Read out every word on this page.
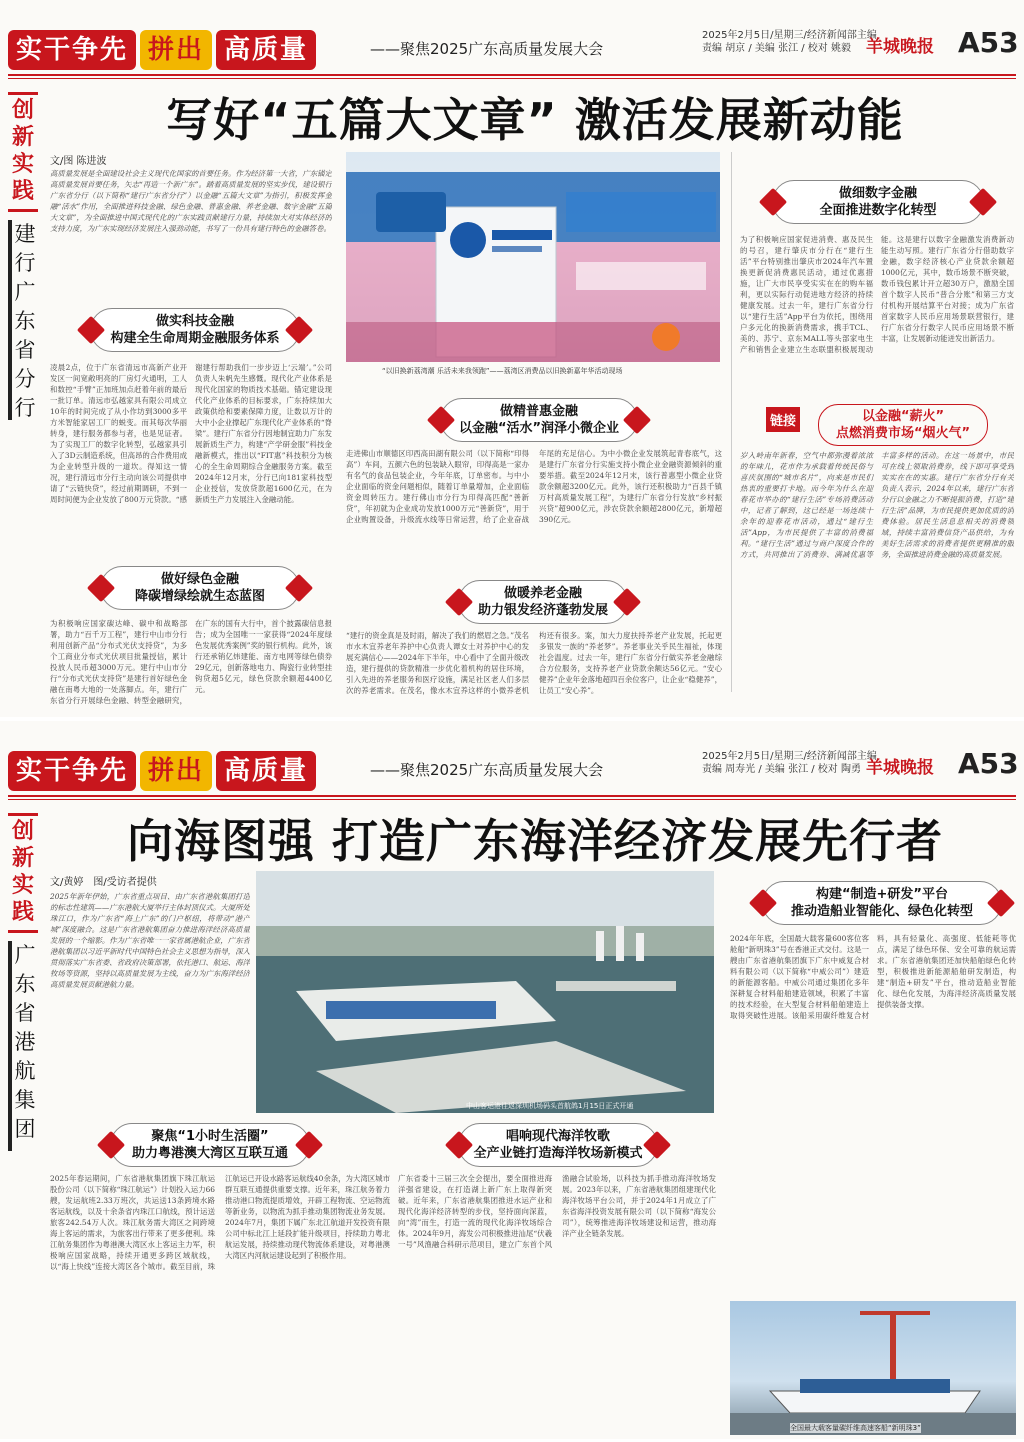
实干争先 拼出 高质量	——聚焦2025广东高质量发展大会
2025年2月5日/星期三/经济新闻部主编
责编 胡京 / 美编 张江 / 校对 姚毅 羊城晚报 A53
创新实践
建行广东省分行
写好“五篇大文章” 激活发展新动能
文/图 陈进波
高质量发展是全面建设社会主义现代化国家的首要任务。作为经济第一大省，广东锚定高质量发展首要任务，矢志“再造一个新广东”。踏着高质量发展的坚实步伐，建设银行广东省分行（以下简称“建行广东省分行”）以金融“五篇大文章”为指引，积极发挥金融“活水”作用，全面推进科技金融、绿色金融、普惠金融、养老金融、数字金融“五篇大文章”，为全面推进中国式现代化的广东实践贡献建行力量，持续加大对实体经济的支持力度，为广东实现经济发展注入强劲动能，书写了一份具有建行特色的金融答卷。
“以旧换新荔湾潮 乐活未来我领跑”——荔湾区消费品以旧换新嘉年华活动现场
做细数字金融
全面推进数字化转型
为了积极响应国家促进消费、惠及民生的号召，建行肇庆市分行在“建行生活”平台特别推出肇庆市2024年汽车置换更新促消费惠民活动，通过优惠措施，让广大市民享受实实在在的购车福利，更以实际行动促进地方经济的持续健康发展。过去一年，建行广东省分行以“建行生活”App平台为依托，围绕用户多元化的换新消费需求，携手TCL、美的、苏宁、京东MALL等头部家电生产和销售企业建立生态联盟积极展现动能。这是建行以数字金融激发消费新动能生动写照。建行广东省分行借助数字金融，数字经济核心产业贷款余额超1000亿元，其中，数币场景不断突破，数币钱包累计开立超30万户，激励全国首个数字人民币“普合分账”和第三方支付机构开展结算平台对接；成为广东省首家数字人民币应用场景联营银行，建行广东省分行数字人民币应用场景不断丰富，让发展新动能迸发出新活力。
做实科技金融
构建全生命周期金融服务体系
凌晨2点，位于广东省清远市高新产业开发区一间宽敞明亮的厂房灯火通明，工人和数控“手臂”正加班加点赶着年前的最后一批订单。清远市弘越家具有限公司成立10年的时间完成了从小作坊到3000多平方米智能家居工厂的蜕变。而其每次华丽转身，建行服务都参与者，也是见证者。为了实现工厂的数字化转型，弘越家具引入了3D云制造系统，但高昂的合作费用成为企业转型升级的一道坎。得知这一情况，建行清远市分行主动向该公司提供申请了“云链快贷”，经过前期调研，不到一周时间便为企业发放了800万元贷款。“感谢建行帮助我们一步步迈上‘云端’。”公司负责人朱帆先生感慨。现代化产业体系是现代化国家的物质技术基础。锚定建设现代化产业体系的目标要求，广东持续加大政策供给和要素保障力度，让数以万计的大中小企业撑起广东现代化产业体系的“脊梁”。建行广东省分行因地制宜助力广东发展新质生产力，构建“产学研金服”科技金融新模式，推出以“FIT惠”科技积分为核心的全生命周期综合金融服务方案。截至2024年12月末，分行已向181家科技型企业授信，发放贷款超1600亿元，在为新质生产力发展注入金融动能。
做精普惠金融
以金融“活水”润泽小微企业
走进佛山市顺德区印西高田湖有限公司（以下简称“印得高”）车间，五颜六色的包装缺入眼帘，印得高是一家办有名气的食品包装企业，今年年底，订单密布。与中小企业面临的资金问题相似，随着订单量增加，企业面临资金周转压力。建行佛山市分行为印得高匹配“善新贷”，年初就为企业成功发放1000万元“善新贷”，用于企业购置设备，升级流水线等日常运营，给了企业奋战年尾的充足信心。为中小微企业发展筑起青春底气，这是建行广东省分行实施支持小微企业金融资源倾斜的重要举措。截至2024年12月末，该行普惠型小微企业贷款余额超3200亿元。此外，该行还积极助力“百县千镇万村高质量发展工程”，为建行广东省分行发放“乡村振兴贷”超900亿元，涉农贷款余额超2800亿元，新增超390亿元。
链接	以金融“薪火”
点燃消费市场“烟火气”
岁入岭南年新春，空气中都弥漫着浓浓的年味儿，花市作为承载着传统民俗与喜庆氛围的“城市名片”，向来是市民们热衷的重要打卡地。而今年为什么在迎春花市举办的“建行生活”专场消费活动中，记者了解到，这已经是一场连续十余年的迎春花市活动，通过“建行生活”App，为市民提供了丰富的消费福利。“建行生活”通过与商户深度合作的方式，共同推出了消费券、满减优惠等丰富多样的活动。在这一场景中，市民可在线上领取消费券，线下即可享受到实实在在的实惠。建行广东省分行有关负责人表示，2024年以来，建行广东省分行以金融之力不断提振消费，打造“建行生活”品牌，为市民提供更加优质的消费体验。居民生活息息相关的消费领域，持续丰富消费信贷产品供给，为有美好生活需求的消费者提供更精准的服务，全面推进消费金融的高质量发展。
做好绿色金融
降碳增绿绘就生态蓝图
为积极响应国家碳达峰、碳中和战略部署，助力“百千万工程”，建行中山市分行利用创新产品“分布式光伏支持贷”，为多个工商业分布式光伏项目批量授信，累计投放人民币超3000万元。建行中山市分行“分布式光伏支持贷”是建行首好绿色金融在南粤大地的一处落脚点。年，建行广东省分行开展绿色金融、转型金融研究，在广东的国有大行中，首个披露碳信息报告；成为全国唯一一家获得“2024年度绿色发展优秀案例”奖的银行机构。此外，该行还承销亿炜建能、南方电网等绿色债券29亿元，创新落地电力、陶瓷行业转型挂钩贷超5亿元，绿色贷款余额超4400亿元。
做暖养老金融
助力银发经济蓬勃发展
“建行的资金真是及时雨，解决了我们的燃眉之急。”茂名市水木宜养老年养护中心负责人谭女士对养护中心的发展充满信心——2024年下半年，中心看中了全面升级改造，建行提供的贷款精准一步优化着机构的居住环境，引入先进的养老服务和医疗设施，满足社区老人们多层次的养老需求。在茂名，像水木宜养这样的小微养老机构还有很多。案，加大力度扶持养老产业发展，托起更多银发一族的“养老梦”。养老事业关乎民生福祉，体现社会温度。过去一年，建行广东省分行做实养老金融综合方位服务，支持养老产业贷款余额达56亿元。“安心健养”企业年金落地超四百余位客户，让企业“稳健养”，让员工“安心养”。
实干争先 拼出 高质量	——聚焦2025广东高质量发展大会
2025年2月5日/星期三/经济新闻部主编
责编 周寿光 / 美编 张江 / 校对 陶勇 羊城晚报 A53
创新实践
广东省港航集团
向海图强 打造广东海洋经济发展先行者
文/黄婷　图/受访者提供
2025年新年伊始，广东省重点项目、由广东省港航集团打造的标志性建筑——广东港航大厦举行主体封顶仪式。大厦所处珠江口，作为广东省“海上广东”的门户枢纽，将带动“港产城”深度融合。这是广东省港航集团奋力推进海洋经济高质量发展的一个缩影。作为广东省唯一一家省属港航企业，广东省港航集团以习近平新时代中国特色社会主义思想为指导，深入贯彻落实广东省委、省政府决策部署，依托港口、航运、海洋牧场等资源，坚持以高质量发展为主线，奋力为广东海洋经济高质量发展贡献港航力量。
中山客运港往返深圳机场码头首航鸽1月15日正式开通
构建“制造+研发”平台
推动造船业智能化、绿色化转型
2024年年底，全国最大载客量600客位客舱船“新明珠3”号在香港正式交付。这是一艘由广东省港航集团旗下广东中威复合材料有限公司（以下简称“中威公司”）建造的新能源客船。中威公司通过集团化多年深耕复合材料船舶建造领域，积累了丰富的技术经验，在大型复合材料船舶建造上取得突破性进展。该船采用碳纤维复合材料，具有轻量化、高强度、低能耗等优点，满足了绿色环保、安全可靠的航运需求。广东省港航集团还加快船舶绿色化转型，积极推进新能源船舶研发制造，构建“制造+研发”平台，推动造船业智能化、绿色化发展，为海洋经济高质量发展提供装备支撑。
聚焦“1小时生活圈”
助力粤港澳大湾区互联互通
2025年春运期间，广东省港航集团旗下珠江航运股份公司（以下简称“珠江航运”）计划投入运力66艘，发运航班2.33万班次，共运送13条跨境水路客运航线，以及十余条省内珠江口航线，预计运送旅客242.54万人次。珠江航务需大湾区之间跨境海上客运的需求，为旅客出行带来了更多便利。珠江航务集团作为粤港澳大湾区水上客运主力军，积极响应国家战略，持续开通更多跨区域航线，以“海上快线”连接大湾区各个城市。截至目前，珠江航运已开设水路客运航线40余条，为大湾区城市群互联互通提供重要支撑。近年来，珠江航务着力推动港口物流提质增效，开辟工程物流、空运物流等新业务，以物流为抓手推动集团物流业务发展。2024年7月，集团下属广东北江航道开发投资有限公司中标北江上延段扩能升级项目，持续助力粤北航运发展，持续推动现代物流体系建设，对粤港澳大湾区内河航运建设起到了积极作用。
唱响现代海洋牧歌
全产业链打造海洋牧场新模式
广东省委十三届三次全会提出，要全面推进海洋强省建设，在打造湖上新广东上取得新突破。近年来，广东省港航集团推进水运产业和现代化海洋经济转型的步伐，坚持面向深蓝，向“湾”而生，打造一流的现代化海洋牧场综合体。2024年9月，海发公司积极推进汕尾“伏羲一号”风渔融合科研示范项目，建立广东首个风渔融合试验场，以科技为抓手推动海洋牧场发展。2023年以来，广东省港航集团组建现代化海洋牧场平台公司，并于2024年1月成立了广东省海洋投资发展有限公司（以下简称“海发公司”），统筹推进海洋牧场建设和运营，推动海洋产业全链条发展。
全国最大载客量碳纤维高速客船“新明珠3”
